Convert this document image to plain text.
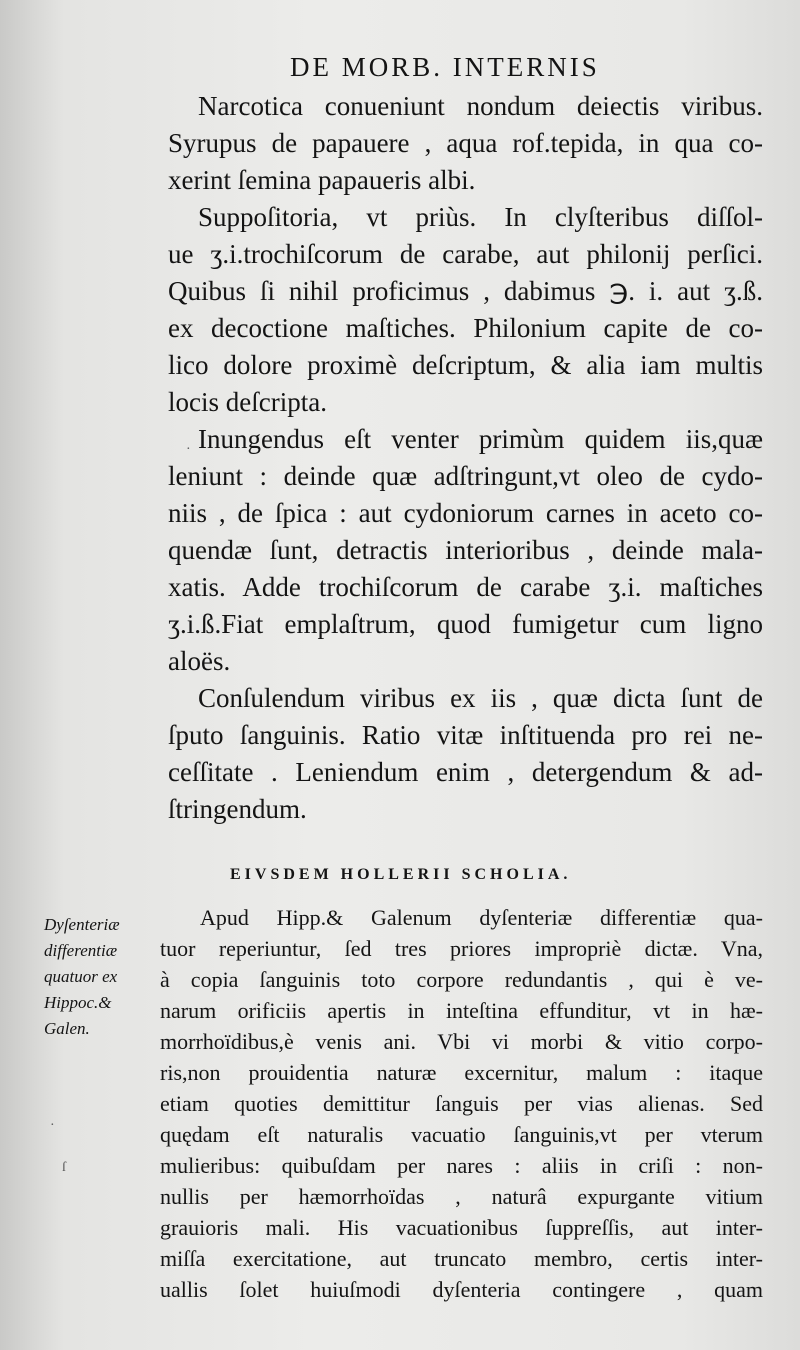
DE MORB. INTERNIS
Narcotica conueniunt nondum deiectis viribus.
Syrupus de papauere , aqua rof.tepida, in qua co-
xerint ſemina papaueris albi.
Suppoſitoria, vt priùs. In clyſteribus diſſol-
ue ʒ.i.trochiſcorum de carabe, aut philonij perſici.
Quibus ſi nihil proficimus , dabimus ℈. i. aut ʒ.ß.
ex decoctione maſtiches. Philonium capite de co-
lico dolore proximè deſcriptum, & alia iam multis
locis deſcripta.
Inungendus eſt venter primùm quidem iis,quæ
leniunt : deinde quæ adſtringunt,vt oleo de cydo-
niis , de ſpica : aut cydoniorum carnes in aceto co-
quendæ ſunt, detractis interioribus , deinde mala-
xatis. Adde trochiſcorum de carabe ʒ.i. maſtiches
ʒ.i.ß.Fiat emplaſtrum, quod fumigetur cum ligno
aloës.
Conſulendum viribus ex iis , quæ dicta ſunt de
ſputo ſanguinis. Ratio vitæ inſtituenda pro rei ne-
ceſſitate . Leniendum enim , detergendum & ad-
ſtringendum.
EIVSDEM HOLLERII SCHOLIA.
Dyſenteriæ
differentiæ
quatuor ex
Hippoc.&
Galen.
Apud Hipp.& Galenum dyſenteriæ differentiæ qua-
tuor reperiuntur, ſed tres priores impropriè dictæ. Vna,
à copia ſanguinis toto corpore redundantis , qui è ve-
narum orificiis apertis in inteſtina effunditur, vt in hæ-
morrhoïdibus,è venis ani. Vbi vi morbi & vitio corpo-
ris,non prouidentia naturæ excernitur, malum : itaque
etiam quoties demittitur ſanguis per vias alienas. Sed
quędam eſt naturalis vacuatio ſanguinis,vt per vterum
mulieribus: quibuſdam per nares : aliis in criſi : non-
nullis per hæmorrhoïdas , naturâ expurgante vitium
grauioris mali. His vacuationibus ſuppreſſis, aut inter-
miſſa exercitatione, aut truncato membro, certis inter-
uallis ſolet huiuſmodi dyſenteria contingere , quam
·
·
ſ
